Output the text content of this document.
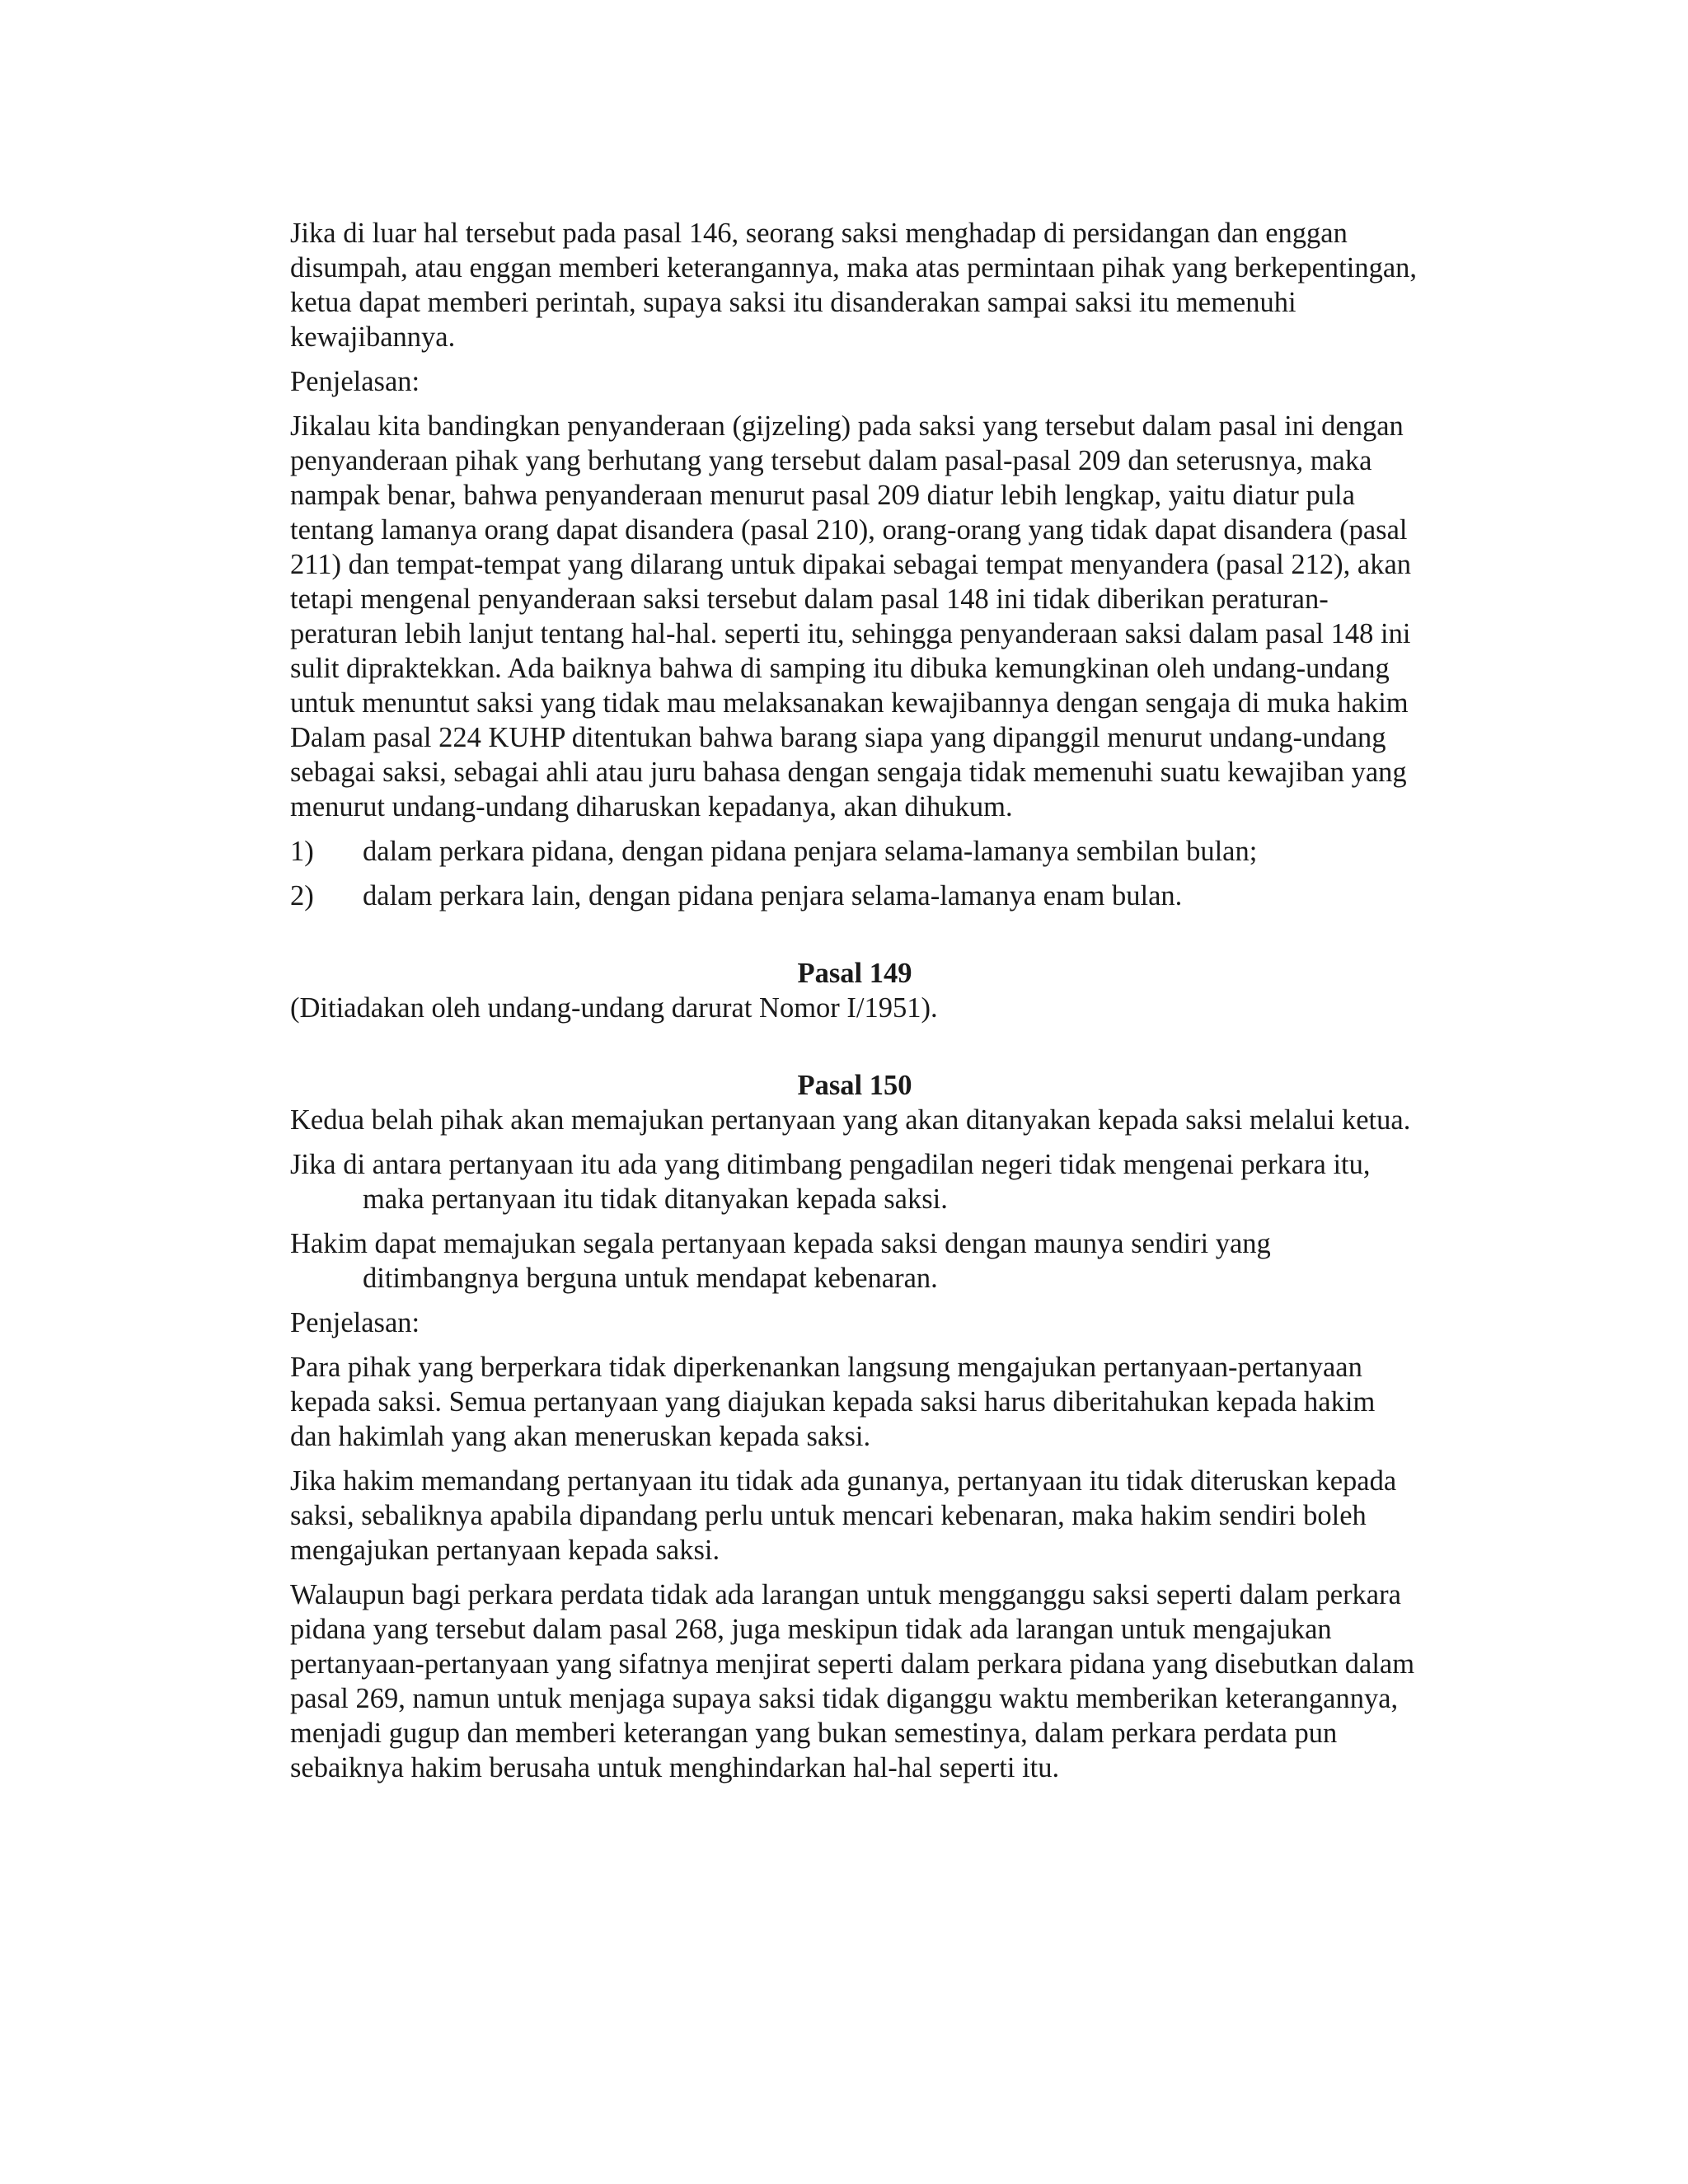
Jika di luar hal tersebut pada pasal 146, seorang saksi menghadap di persidangan dan enggan disumpah, atau enggan memberi keterangannya, maka atas permintaan pihak yang berkepentingan, ketua dapat memberi perintah, supaya saksi itu disanderakan sampai saksi itu memenuhi kewajibannya.

Penjelasan:

Jikalau kita bandingkan penyanderaan (gijzeling) pada saksi yang tersebut dalam pasal ini dengan penyanderaan pihak yang berhutang yang tersebut dalam pasal-pasal 209 dan seterusnya, maka nampak benar, bahwa penyanderaan menurut pasal 209 diatur lebih lengkap, yaitu diatur pula tentang lamanya orang dapat disandera (pasal 210), orang-orang yang tidak dapat disandera (pasal 211) dan tempat-tempat yang dilarang untuk dipakai sebagai tempat menyandera (pasal 212), akan tetapi mengenal penyanderaan saksi tersebut dalam pasal 148 ini tidak diberikan peraturan-peraturan lebih lanjut tentang hal-hal. seperti itu, sehingga penyanderaan saksi dalam pasal 148 ini sulit dipraktekkan. Ada baiknya bahwa di samping itu dibuka kemungkinan oleh undang-undang untuk menuntut saksi yang tidak mau melaksanakan kewajibannya dengan sengaja di muka hakim Dalam pasal 224 KUHP ditentukan bahwa barang siapa yang dipanggil menurut undang-undang sebagai saksi, sebagai ahli atau juru bahasa dengan sengaja tidak memenuhi suatu kewajiban yang menurut undang-undang diharuskan kepadanya, akan dihukum.

1)	dalam perkara pidana, dengan pidana penjara selama-lamanya sembilan bulan;
2)	dalam perkara lain, dengan pidana penjara selama-lamanya enam bulan.

Pasal 149

(Ditiadakan oleh undang-undang darurat Nomor I/1951).

Pasal 150

Kedua belah pihak akan memajukan pertanyaan yang akan ditanyakan kepada saksi melalui ketua.

Jika di antara pertanyaan itu ada yang ditimbang pengadilan negeri tidak mengenai perkara itu, maka pertanyaan itu tidak ditanyakan kepada saksi.

Hakim dapat memajukan segala pertanyaan kepada saksi dengan maunya sendiri yang ditimbangnya berguna untuk mendapat kebenaran.

Penjelasan:

Para pihak yang berperkara tidak diperkenankan langsung mengajukan pertanyaan-pertanyaan kepada saksi. Semua pertanyaan yang diajukan kepada saksi harus diberitahukan kepada hakim dan hakimlah yang akan meneruskan kepada saksi.

Jika hakim memandang pertanyaan itu tidak ada gunanya, pertanyaan itu tidak diteruskan kepada saksi, sebaliknya apabila dipandang perlu untuk mencari kebenaran, maka hakim sendiri boleh mengajukan pertanyaan kepada saksi.

Walaupun bagi perkara perdata tidak ada larangan untuk mengganggu saksi seperti dalam perkara pidana yang tersebut dalam pasal 268, juga meskipun tidak ada larangan untuk mengajukan pertanyaan-pertanyaan yang sifatnya menjirat seperti dalam perkara pidana yang disebutkan dalam pasal 269, namun untuk menjaga supaya saksi tidak diganggu waktu memberikan keterangannya, menjadi gugup dan memberi keterangan yang bukan semestinya, dalam perkara perdata pun sebaiknya hakim berusaha untuk menghindarkan hal-hal seperti itu.
